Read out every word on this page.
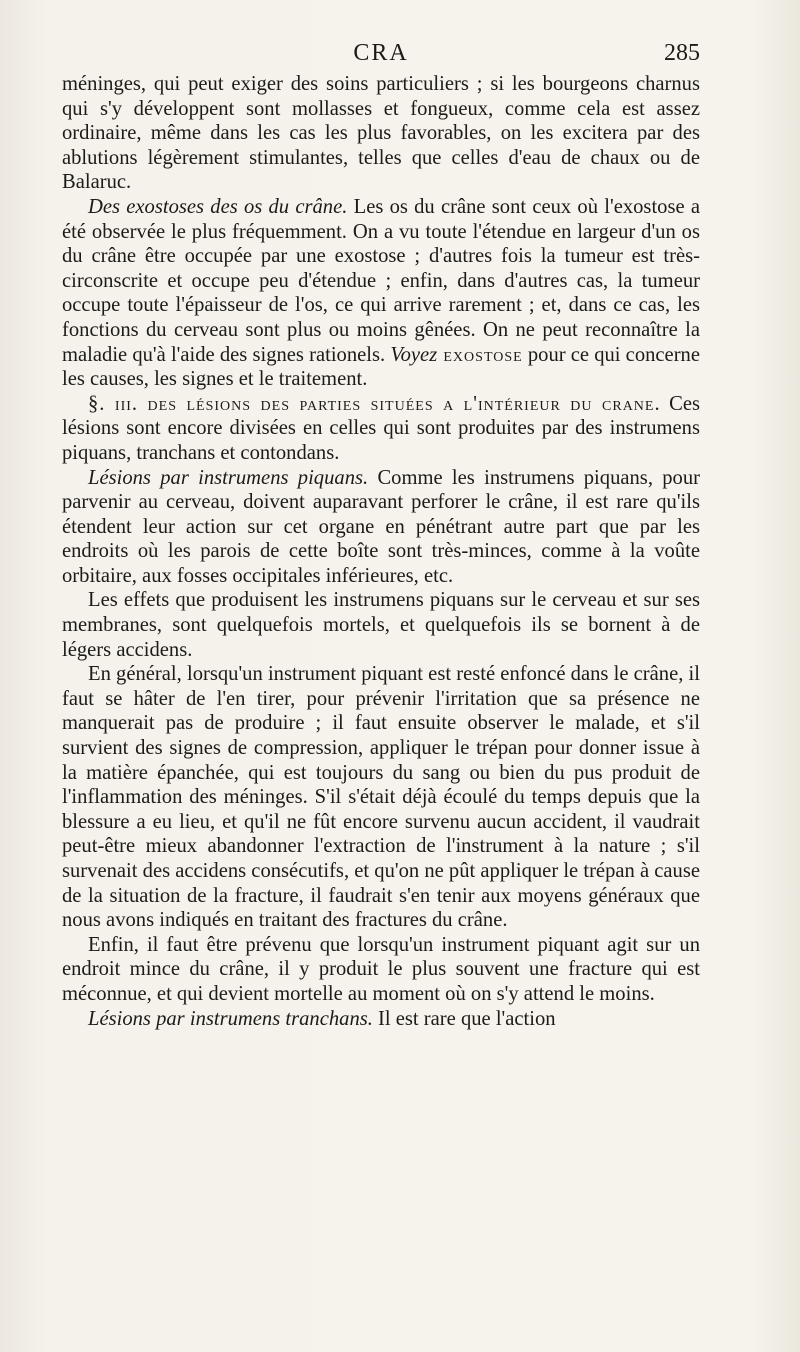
CRA	285

méninges, qui peut exiger des soins particuliers ; si les bourgeons charnus qui s'y développent sont mollasses et fongueux, comme cela est assez ordinaire, même dans les cas les plus favorables, on les excitera par des ablutions légèrement stimulantes, telles que celles d'eau de chaux ou de Balaruc.

Des exostoses des os du crâne. Les os du crâne sont ceux où l'exostose a été observée le plus fréquemment. On a vu toute l'étendue en largeur d'un os du crâne être occupée par une exostose ; d'autres fois la tumeur est très-circonscrite et occupe peu d'étendue ; enfin, dans d'autres cas, la tumeur occupe toute l'épaisseur de l'os, ce qui arrive rarement ; et, dans ce cas, les fonctions du cerveau sont plus ou moins gênées. On ne peut reconnaître la maladie qu'à l'aide des signes rationels. Voyez exostose pour ce qui concerne les causes, les signes et le traitement.

§. iii. des lésions des parties situées a l'intérieur du crane. Ces lésions sont encore divisées en celles qui sont produites par des instrumens piquans, tranchans et contondans.

Lésions par instrumens piquans. Comme les instrumens piquans, pour parvenir au cerveau, doivent auparavant perforer le crâne, il est rare qu'ils étendent leur action sur cet organe en pénétrant autre part que par les endroits où les parois de cette boîte sont très-minces, comme à la voûte orbitaire, aux fosses occipitales inférieures, etc.

Les effets que produisent les instrumens piquans sur le cerveau et sur ses membranes, sont quelquefois mortels, et quelquefois ils se bornent à de légers accidens.

En général, lorsqu'un instrument piquant est resté enfoncé dans le crâne, il faut se hâter de l'en tirer, pour prévenir l'irritation que sa présence ne manquerait pas de produire ; il faut ensuite observer le malade, et s'il survient des signes de compression, appliquer le trépan pour donner issue à la matière épanchée, qui est toujours du sang ou bien du pus produit de l'inflammation des méninges. S'il s'était déjà écoulé du temps depuis que la blessure a eu lieu, et qu'il ne fût encore survenu aucun accident, il vaudrait peut-être mieux abandonner l'extraction de l'instrument à la nature ; s'il survenait des accidens consécutifs, et qu'on ne pût appliquer le trépan à cause de la situation de la fracture, il faudrait s'en tenir aux moyens généraux que nous avons indiqués en traitant des fractures du crâne.

Enfin, il faut être prévenu que lorsqu'un instrument piquant agit sur un endroit mince du crâne, il y produit le plus souvent une fracture qui est méconnue, et qui devient mortelle au moment où on s'y attend le moins.

Lésions par instrumens tranchans. Il est rare que l'action
